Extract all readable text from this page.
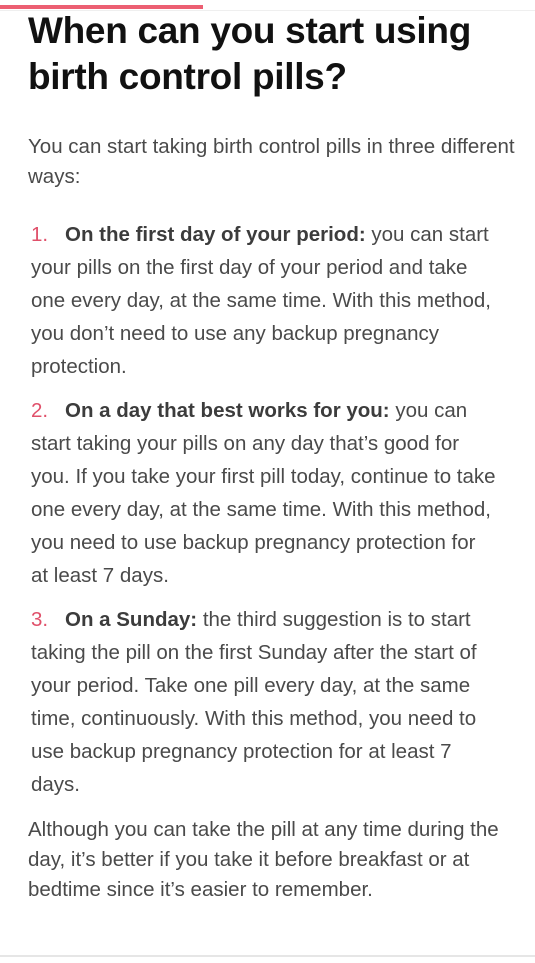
When can you start using birth control pills?

You can start taking birth control pills in three different ways:

1. On the first day of your period: you can start your pills on the first day of your period and take one every day, at the same time. With this method, you don’t need to use any backup pregnancy protection.
2. On a day that best works for you: you can start taking your pills on any day that’s good for you. If you take your first pill today, continue to take one every day, at the same time. With this method, you need to use backup pregnancy protection for at least 7 days.
3. On a Sunday: the third suggestion is to start taking the pill on the first Sunday after the start of your period. Take one pill every day, at the same time, continuously. With this method, you need to use backup pregnancy protection for at least 7 days.

Although you can take the pill at any time during the day, it’s better if you take it before breakfast or at bedtime since it’s easier to remember.
